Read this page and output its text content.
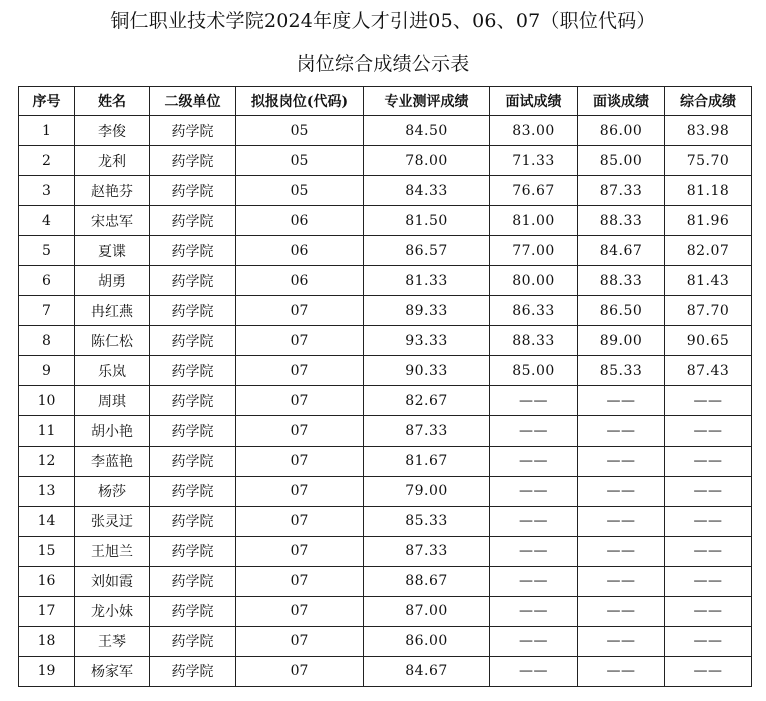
铜仁职业技术学院2024年度人才引进05、06、07（职位代码）
岗位综合成绩公示表
序号	姓名	二级单位	拟报岗位(代码)	专业测评成绩	面试成绩	面谈成绩	综合成绩
1	李俊	药学院	05	84.50	83.00	86.00	83.98
2	龙利	药学院	05	78.00	71.33	85.00	75.70
3	赵艳芬	药学院	05	84.33	76.67	87.33	81.18
4	宋忠军	药学院	06	81.50	81.00	88.33	81.96
5	夏谍	药学院	06	86.57	77.00	84.67	82.07
6	胡勇	药学院	06	81.33	80.00	88.33	81.43
7	冉红燕	药学院	07	89.33	86.33	86.50	87.70
8	陈仁松	药学院	07	93.33	88.33	89.00	90.65
9	乐岚	药学院	07	90.33	85.00	85.33	87.43
10	周琪	药学院	07	82.67	——	——	——
11	胡小艳	药学院	07	87.33	——	——	——
12	李蓝艳	药学院	07	81.67	——	——	——
13	杨莎	药学院	07	79.00	——	——	——
14	张灵迂	药学院	07	85.33	——	——	——
15	王旭兰	药学院	07	87.33	——	——	——
16	刘如霞	药学院	07	88.67	——	——	——
17	龙小妹	药学院	07	87.00	——	——	——
18	王琴	药学院	07	86.00	——	——	——
19	杨家军	药学院	07	84.67	——	——	——
